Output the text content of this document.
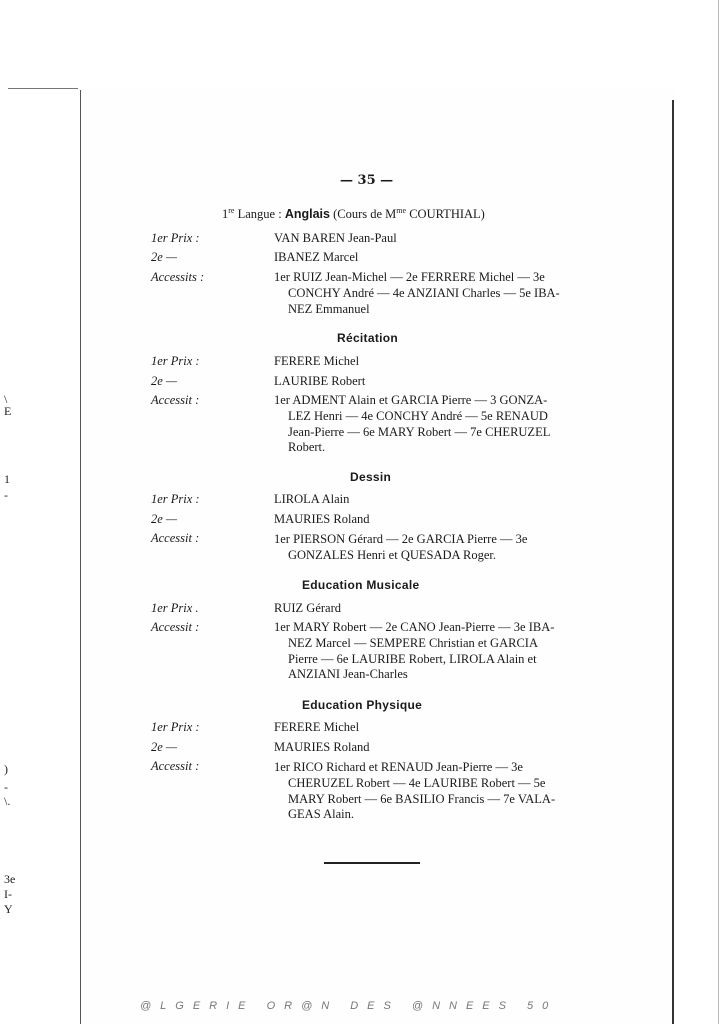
\
E
1
-
)
-
\.
3e
I-
Y
— 35 —
1re Langue : Anglais (Cours de $M^{me}$ COURTHIAL)
1er Prix :	VAN BAREN Jean-Paul
2e —	IBANEZ Marcel
Accessits :	1er RUIZ Jean-Michel — 2e FERRERE Michel — 3e
CONCHY André — 4e ANZIANI Charles — 5e IBA-
NEZ Emmanuel
Récitation
1er Prix :	FERERE Michel
2e —	LAURIBE Robert
Accessit :	1er ADMENT Alain et GARCIA Pierre — 3 GONZA-
LEZ Henri — 4e CONCHY André — 5e RENAUD
Jean-Pierre — 6e MARY Robert — 7e CHERUZEL
Robert.
Dessin
1er Prix :	LIROLA Alain
2e —	MAURIES Roland
Accessit :	1er PIERSON Gérard — 2e GARCIA Pierre — 3e
GONZALES Henri et QUESADA Roger.
Education Musicale
1er Prix .	RUIZ Gérard
Accessit :	1er MARY Robert — 2e CANO Jean-Pierre — 3e IBA-
NEZ Marcel — SEMPERE Christian et GARCIA
Pierre — 6e LAURIBE Robert, LIROLA Alain et
ANZIANI Jean-Charles
Education Physique
1er Prix :	FERERE Michel
2e —	MAURIES Roland
Accessit :	1er RICO Richard et RENAUD Jean-Pierre — 3e
CHERUZEL Robert — 4e LAURIBE Robert — 5e
MARY Robert — 6e BASILIO Francis — 7e VALA-
GEAS Alain.
@LGERIE OR@N DES @NNEES 50
